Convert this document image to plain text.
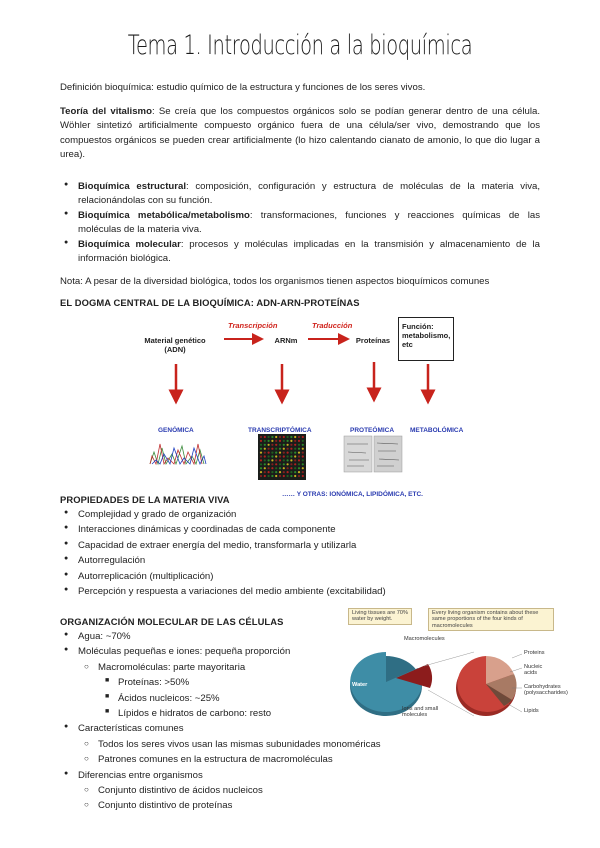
Tema 1. Introducción a la bioquímica
Definición bioquímica: estudio químico de la estructura y funciones de los seres vivos.
Teoría del vitalismo: Se creía que los compuestos orgánicos solo se podían generar dentro de una célula. Wöhler sintetizó artificialmente compuesto orgánico fuera de una célula/ser vivo, demostrando que los compuestos orgánicos se pueden crear artificialmente (lo hizo calentando cianato de amonio, lo que dio lugar a urea).
● Bioquímica estructural: composición, configuración y estructura de moléculas de la materia viva, relacionándolas con su función.
● Bioquímica metabólica/metabolismo: transformaciones, funciones y reacciones químicas de las moléculas de la materia viva.
● Bioquímica molecular: procesos y moléculas implicadas en la transmisión y almacenamiento de la información biológica.
Nota: A pesar de la diversidad biológica, todos los organismos tienen aspectos bioquímicos comunes
EL DOGMA CENTRAL DE LA BIOQUÍMICA: ADN-ARN-PROTEÍNAS
Material genético (ADN)
Transcripción
ARNm
Traducción
Proteínas
Función: metabolismo, etc
GENÓMICA	TRANSCRIPTÓMICA	PROTEÓMICA METABOLÓMICA
…… Y OTRAS: IONÓMICA, LIPIDÓMICA, ETC.
PROPIEDADES DE LA MATERIA VIVA
● Complejidad y grado de organización
● Interacciones dinámicas y coordinadas de cada componente
● Capacidad de extraer energía del medio, transformarla y utilizarla
● Autorregulación
● Autorreplicación (multiplicación)
● Percepción y respuesta a variaciones del medio ambiente (excitabilidad)
ORGANIZACIÓN MOLECULAR DE LAS CÉLULAS
● Agua: ~70%
● Moléculas pequeñas e iones: pequeña proporción
○ Macromoléculas: parte mayoritaria
■ Proteínas: >50%
■ Ácidos nucleicos: ~25%
■ Lípidos e hidratos de carbono: resto
● Características comunes
○ Todos los seres vivos usan las mismas subunidades monoméricas
○ Patrones comunes en la estructura de macromoléculas
● Diferencias entre organismos
○ Conjunto distintivo de ácidos nucleicos
○ Conjunto distintivo de proteínas
Living tissues are 70% water by weight.
Every living organism contains about these same proportions of the four kinds of macromolecules
Macromolecules
Water
Ions and small molecules
Proteins
Nucleic acids
Carbohydrates (polysaccharides)
Lipids
